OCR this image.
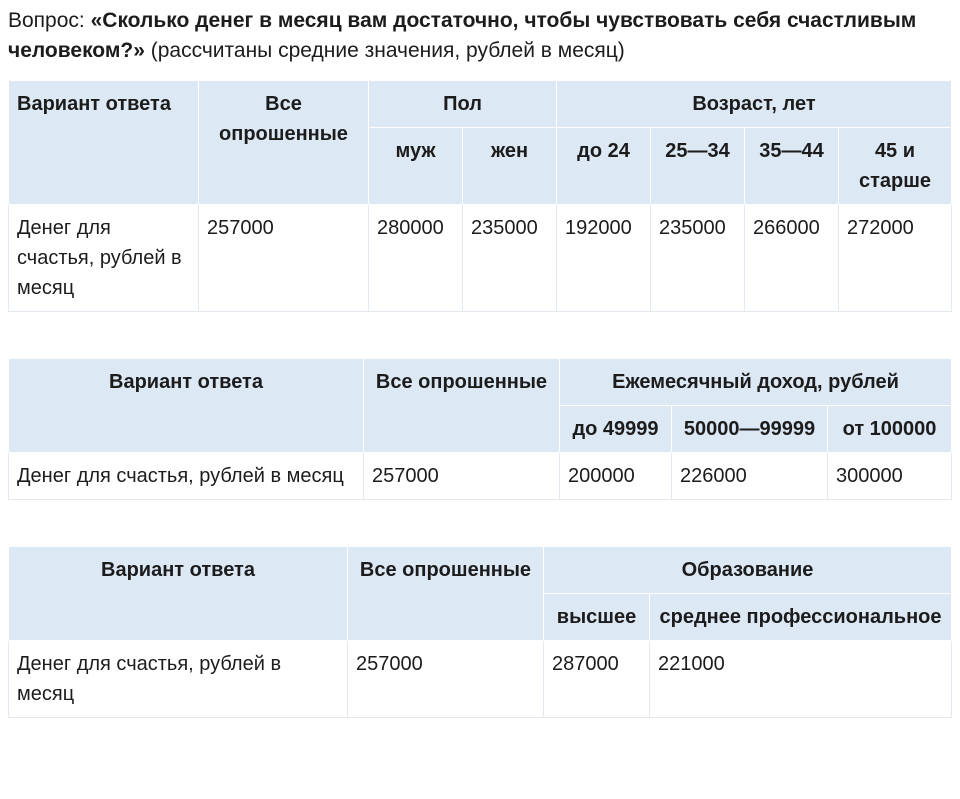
Вопрос: «Сколько денег в месяц вам достаточно, чтобы чувствовать себя счастливым человеком?» (рассчитаны средние значения, рублей в месяц)

Вариант ответа	Все опрошенные	Пол		Возраст, лет			
		муж	жен	до 24	25—34	35—44	45 и старше
Денег для счастья, рублей в месяц	257000	280000	235000	192000	235000	266000	272000
Вариант ответа	Все опрошенные	Ежемесячный доход, рублей		
		до 49999	50000—99999	от 100000
Денег для счастья, рублей в месяц	257000	200000	226000	300000
Вариант ответа	Все опрошенные	Образование	
		высшее	среднее профессиональное
Денег для счастья, рублей в месяц	257000	287000	221000
